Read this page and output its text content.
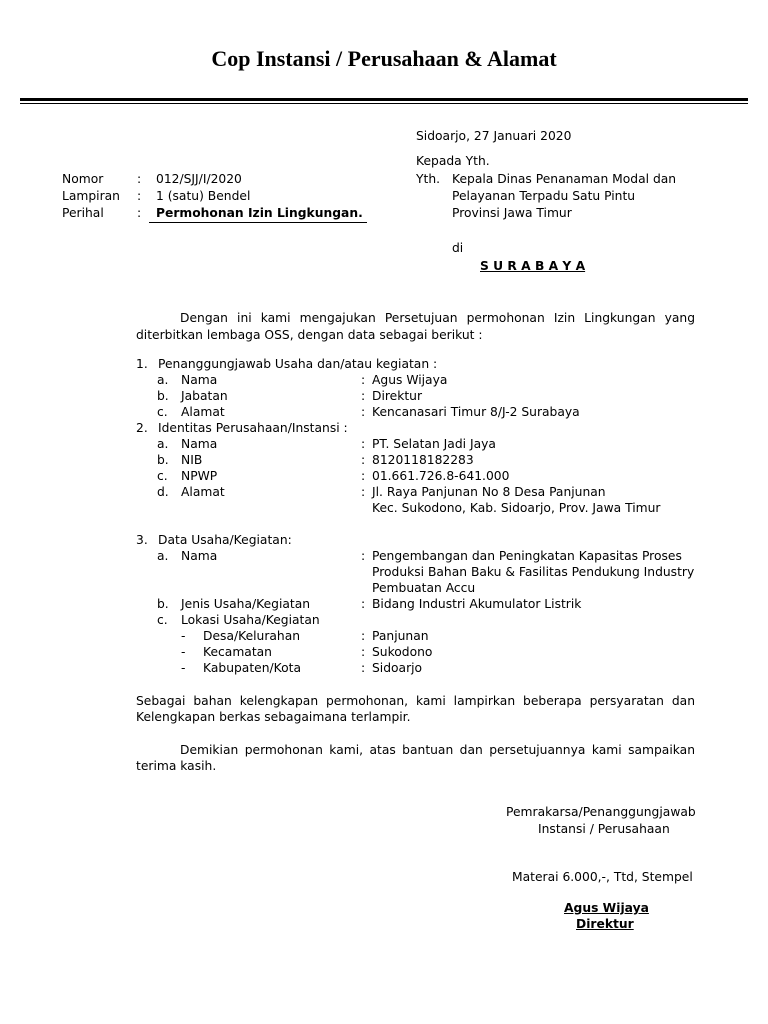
Cop Instansi / Perusahaan & Alamat
Sidoarjo, 27 Januari 2020
Kepada Yth.
Yth. Kepala Dinas Penanaman Modal dan
Pelayanan Terpadu Satu Pintu
Provinsi Jawa Timur
di
S U R A B A Y A
Nomor	: 012/SJJ/I/2020
Lampiran : 1 (satu) Bendel
Perihal	: Permohonan Izin Lingkungan.
Dengan ini kami mengajukan Persetujuan permohonan Izin Lingkungan yang
diterbitkan lembaga OSS, dengan data sebagai berikut :
1. Penanggungjawab Usaha dan/atau kegiatan :
a. Nama	: Agus Wijaya
b. Jabatan	: Direktur
c. Alamat	: Kencanasari Timur 8/J-2 Surabaya
2. Identitas Perusahaan/Instansi :
a. Nama	: PT. Selatan Jadi Jaya
b. NIB	: 8120118182283
c. NPWP	: 01.661.726.8-641.000
d. Alamat	: Jl. Raya Panjunan No 8 Desa Panjunan
Kec. Sukodono, Kab. Sidoarjo, Prov. Jawa Timur
3. Data Usaha/Kegiatan:
a. Nama	: Pengembangan dan Peningkatan Kapasitas Proses
Produksi Bahan Baku & Fasilitas Pendukung Industry
Pembuatan Accu
b. Jenis Usaha/Kegiatan	: Bidang Industri Akumulator Listrik
c. Lokasi Usaha/Kegiatan
- Desa/Kelurahan	: Panjunan
- Kecamatan	: Sukodono
- Kabupaten/Kota	: Sidoarjo
Sebagai bahan kelengkapan permohonan, kami lampirkan beberapa persyaratan dan
Kelengkapan berkas sebagaimana terlampir.
Demikian permohonan kami, atas bantuan dan persetujuannya kami sampaikan
terima kasih.
Pemrakarsa/Penanggungjawab
Instansi / Perusahaan
Materai 6.000,-, Ttd, Stempel
Agus Wijaya
Direktur
